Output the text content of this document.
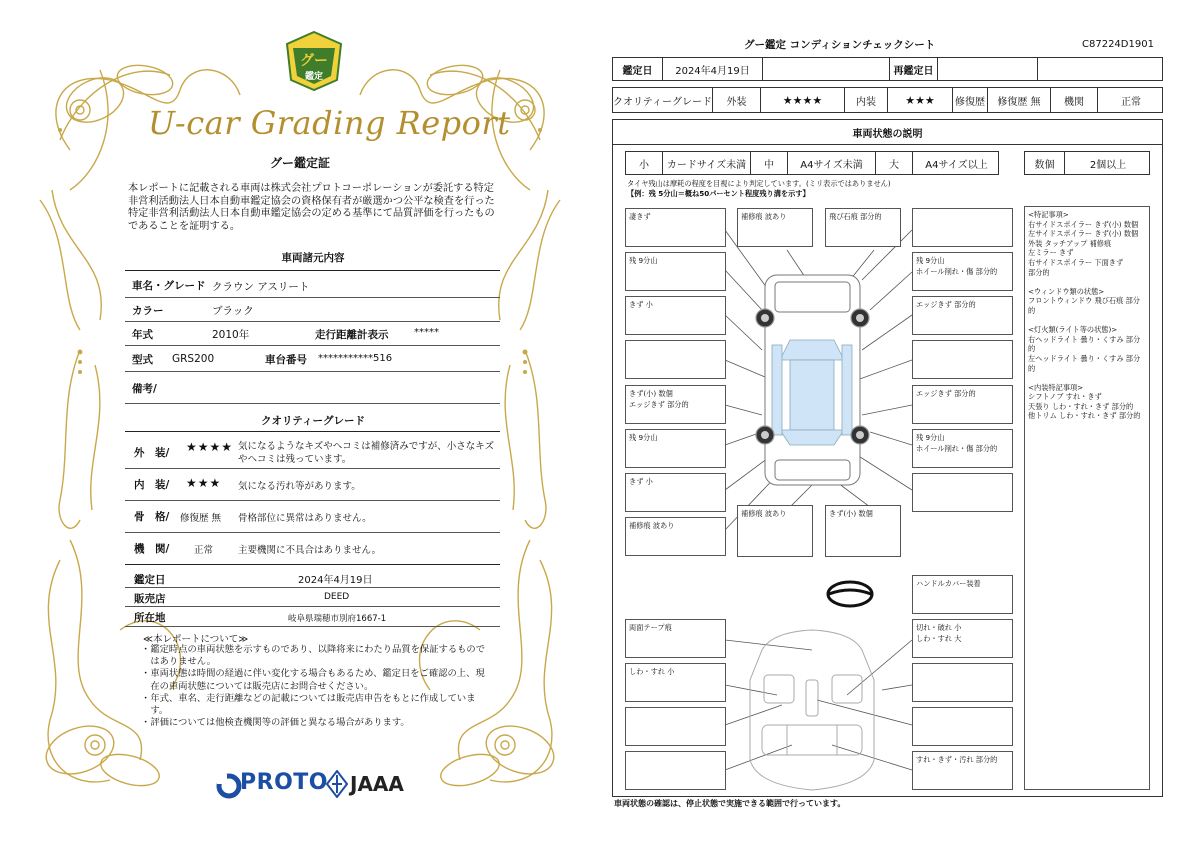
グー
鑑定
U-car Grading Report
グー鑑定証
本レポートに記載される車両は株式会社プロトコーポレーションが委託する特定非営利活動法人日本自動車鑑定協会の資格保有者が厳選かつ公平な検査を行った特定非営利活動法人日本自動車鑑定協会の定める基準にて品質評価を行ったものであることを証明する。
車両諸元内容
車名・グレード クラウン アスリート
カラー	ブラック
年式	2010年	走行距離計表示	*****
型式 GRS200	車台番号 ***********516
備考/
クオリティーグレード
外　装/ ★★★★ 気になるようなキズやヘコミは補修済みですが、小さなキズやヘコミは残っています。
内　装/ ★★★ 気になる汚れ等があります。
骨　格/ 修復歴 無 骨格部位に異常はありません。
機　関/	正常	主要機関に不具合はありません。
鑑定日	2024年4月19日
販売店	DEED
所在地	岐阜県瑞穂市別府1667-1
≪本レポートについて≫
・ 鑑定時点の車両状態を示すものであり、以降将来にわたり品質を保証するものではありません。
・ 車両状態は時間の経過に伴い変化する場合もあるため、鑑定日をご確認の上、現在の車両状態については販売店にお問合せください。
・ 年式、車名、走行距離などの記載については販売店申告をもとに作成しています。
・ 評価については他検査機関等の評価と異なる場合があります。
PROTO JAAA
グー鑑定 コンディションチェックシート	C87224D1901
鑑定日	2024年4月19日	再鑑定日
クオリティーグレード	外装	★★★★	内装	★★★	修復歴	修復歴 無	機関	正常
車両状態の説明
小	カードサイズ未満	中	A4サイズ未満	大	A4サイズ以上	数個	2個以上
タイヤ残山は摩耗の程度を目視により判定しています。(ミリ表示ではありません)
【例：残 5分山＝概ね50パーセント程度残り溝を示す】
凄きず
残 9分山
きず 小
きず(小) 数個
エッジきず 部分的
残 9分山
きず 小
補修痕 波あり
補修痕 波あり	飛び石痕 部分的
残 9分山
ホイール削れ・傷 部分的
エッジきず 部分的
エッジきず 部分的
残 9分山
ホイール削れ・傷 部分的
補修痕 波あり	きず(小) 数個
ハンドルカバー装着
両面テープ痕
しわ・すれ 小
切れ・破れ 小
しわ・すれ 大
すれ・きず・汚れ 部分的
<特記事項>
右サイドスポイラー きず(小) 数個
左サイドスポイラー きず(小) 数個
外装 タッチアップ 補修痕
左ミラー きず
右サイドスポイラー 下面きず
部分的
<ウィンドウ類の状態>
フロントウィンドウ 飛び石痕 部分的
<灯火類(ライト等の状態)>
右ヘッドライト 曇り・くすみ 部分的
左ヘッドライト 曇り・くすみ 部分的
<内装特記事項>
シフトノブ すれ・きず
天張り しわ・すれ・きず 部分的
他トリム しわ・すれ・きず 部分的
車両状態の確認は、停止状態で実施できる範囲で行っています。
